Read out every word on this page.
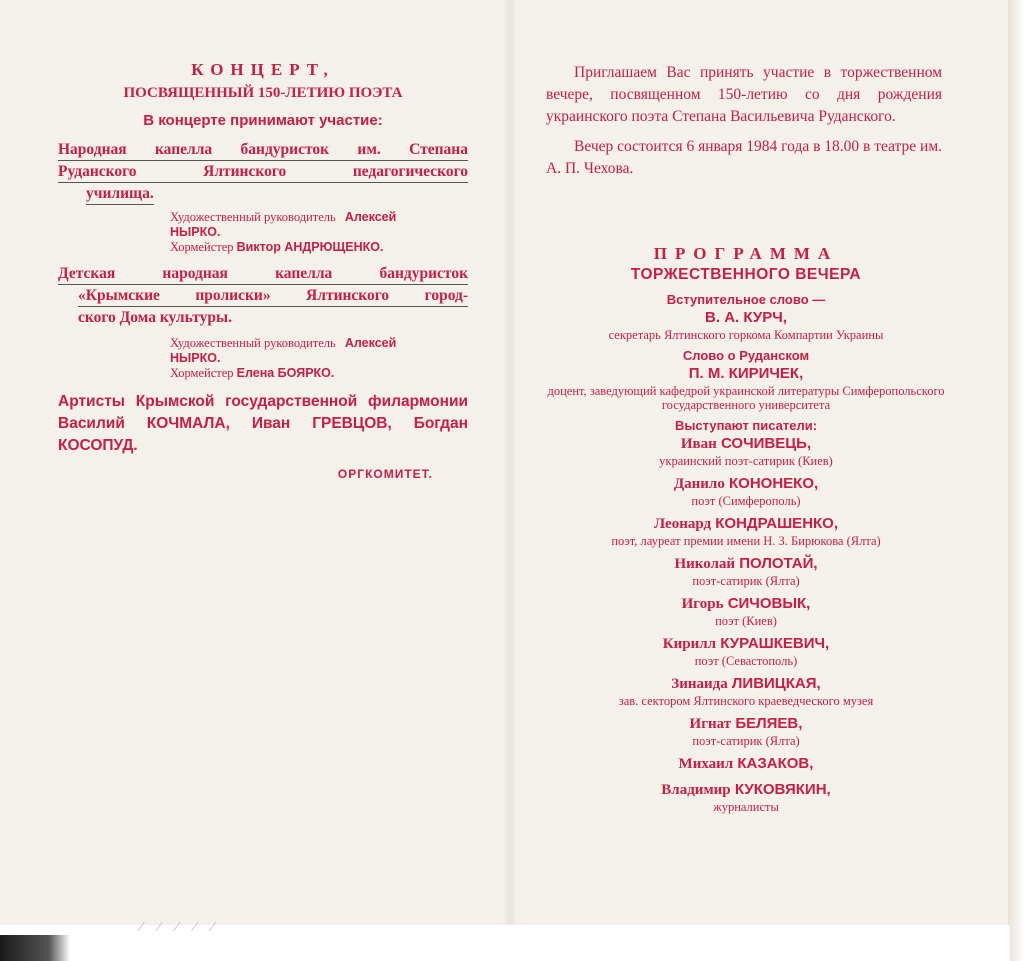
КОНЦЕРТ,
ПОСВЯЩЕННЫЙ 150-ЛЕТИЮ ПОЭТА
В концерте принимают участие:
Народная капелла бандуристок им. Степана
Руданского Ялтинского педагогического
училища.
Художественный руководитель Алексей
НЫРКО.
Хормейстер Виктор АНДРЮЩЕНКО.
Детская народная капелла бандуристок
«Крымские пролиски» Ялтинского город-
ского Дома культуры.
Художественный руководитель Алексей
НЫРКО.
Хормейстер Елена БОЯРКО.
Артисты Крымской государственной филармонии Василий КОЧМАЛА, Иван ГРЕВЦОВ, Богдан КОСОПУД.
ОРГКОМИТЕТ.

Приглашаем Вас принять участие в торжественном вечере, посвященном 150-летию со дня рождения украинского поэта Степана Васильевича Руданского.

Вечер состоится 6 января 1984 года в 18.00 в театре им. А. П. Чехова.

ПРОГРАММА
ТОРЖЕСТВЕННОГО ВЕЧЕРА
Вступительное слово —
В. А. КУРЧ,
секретарь Ялтинского горкома Компартии Украины
Слово о Руданском
П. М. КИРИЧЕК,
доцент, заведующий кафедрой украинской литературы Симферопольского государственного университета
Выступают писатели:
Иван СОЧИВЕЦЬ,
украинский поэт-сатирик (Киев)
Данило КОНОНЕКО,
поэт (Симферополь)
Леонард КОНДРАШЕНКО,
поэт, лауреат премии имени Н. З. Бирюкова (Ялта)
Николай ПОЛОТАЙ,
поэт-сатирик (Ялта)
Игорь СИЧОВЫК,
поэт (Киев)
Кирилл КУРАШКЕВИЧ,
поэт (Севастополь)
Зинаида ЛИВИЦКАЯ,
зав. сектором Ялтинского краеведческого музея
Игнат БЕЛЯЕВ,
поэт-сатирик (Ялта)
Михаил КАЗАКОВ,
Владимир КУКОВЯКИН,
журналисты
⁄ ⁄ ∕ ∕ ∕
